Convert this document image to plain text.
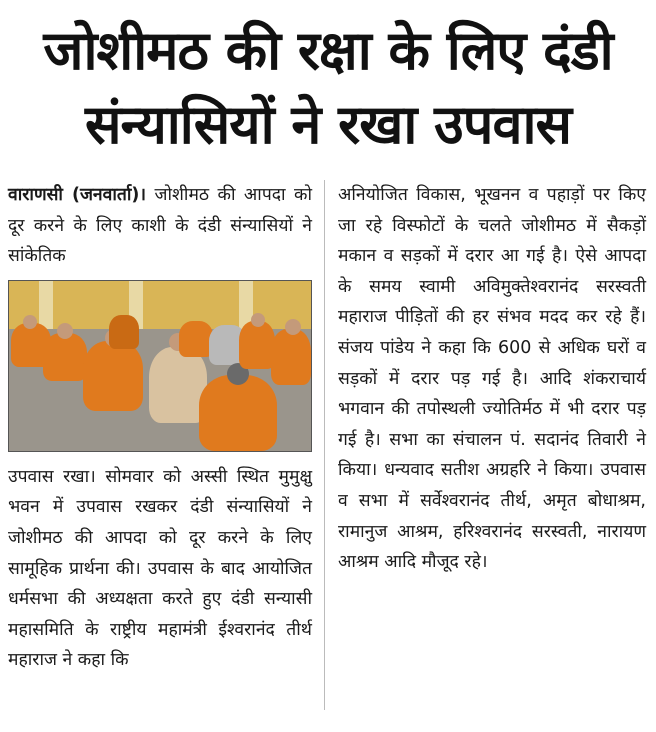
जोशीमठ की रक्षा के लिए दंडी
संन्यासियों ने रखा उपवास

वाराणसी (जनवार्ता)। जोशीमठ की आपदा को दूर करने के लिए काशी के दंडी संन्यासियों ने सांकेतिक

उपवास रखा। सोमवार को अस्सी स्थित मुमुक्षु भवन में उपवास रखकर दंडी संन्यासियों ने जोशीमठ की आपदा को दूर करने के लिए सामूहिक प्रार्थना की। उपवास के बाद आयोजित धर्मसभा की अध्यक्षता करते हुए दंडी सन्यासी महासमिति के राष्ट्रीय महामंत्री ईश्वरानंद तीर्थ महाराज ने कहा कि

अनियोजित विकास, भूखनन व पहाड़ों पर किए जा रहे विस्फोटों के चलते जोशीमठ में सैकड़ों मकान व सड़कों में दरार आ गई है। ऐसे आपदा के समय स्वामी अविमुक्तेश्वरानंद सरस्वती महाराज पीड़ितों की हर संभव मदद कर रहे हैं। संजय पांडेय ने कहा कि 600 से अधिक घरों व सड़कों में दरार पड़ गई है। आदि शंकराचार्य भगवान की तपोस्थली ज्योतिर्मठ में भी दरार पड़ गई है। सभा का संचालन पं. सदानंद तिवारी ने किया। धन्यवाद सतीश अग्रहरि ने किया। उपवास व सभा में सर्वेश्वरानंद तीर्थ, अमृत बोधाश्रम, रामानुज आश्रम, हरिश्वरानंद सरस्वती, नारायण आश्रम आदि मौजूद रहे।
